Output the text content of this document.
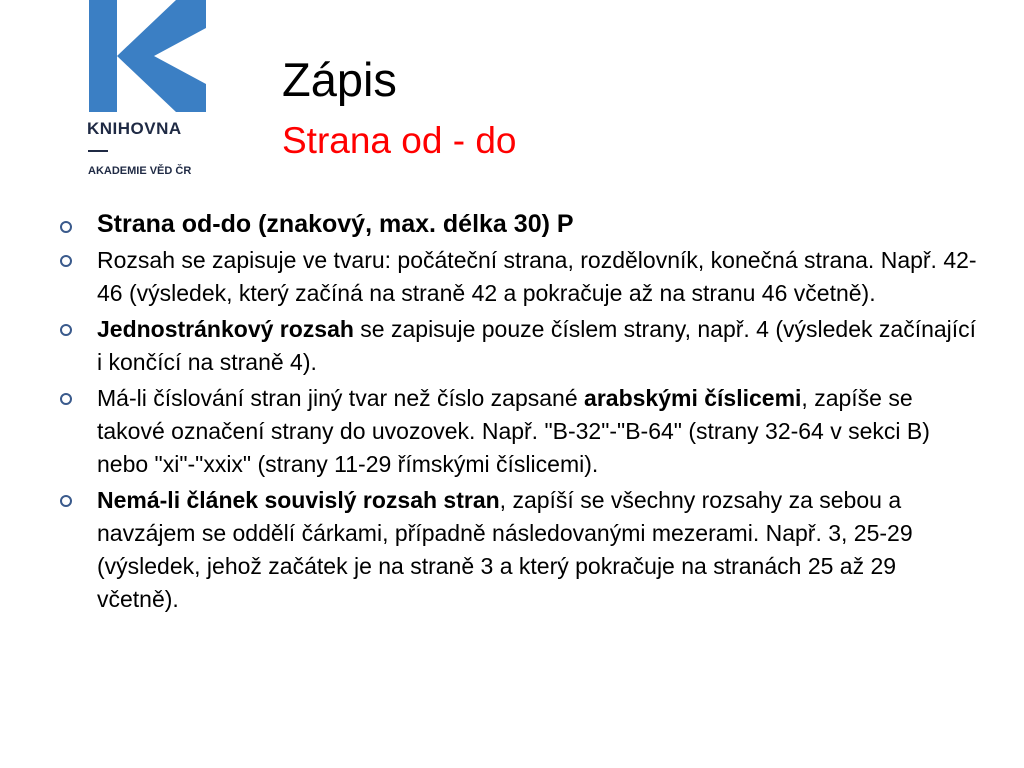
KNIHOVNA
AKADEMIE VĚD ČR
Zápis
Strana od - do
Strana od-do (znakový, max. délka 30) P
Rozsah se zapisuje ve tvaru: počáteční strana, rozdělovník, konečná strana. Např. 42-46 (výsledek, který začíná na straně 42 a pokračuje až na stranu 46 včetně).
Jednostránkový rozsah se zapisuje pouze číslem strany, např. 4 (výsledek začínající i končící na straně 4).
Má-li číslování stran jiný tvar než číslo zapsané arabskými číslicemi, zapíše se takové označení strany do uvozovek. Např. "B-32"-"B-64" (strany 32-64 v sekci B) nebo "xi"-"xxix" (strany 11-29 římskými číslicemi).
Nemá-li článek souvislý rozsah stran, zapíší se všechny rozsahy za sebou a navzájem se oddělí čárkami, případně následovanými mezerami. Např. 3, 25-29 (výsledek, jehož začátek je na straně 3 a který pokračuje na stranách 25 až 29 včetně).
